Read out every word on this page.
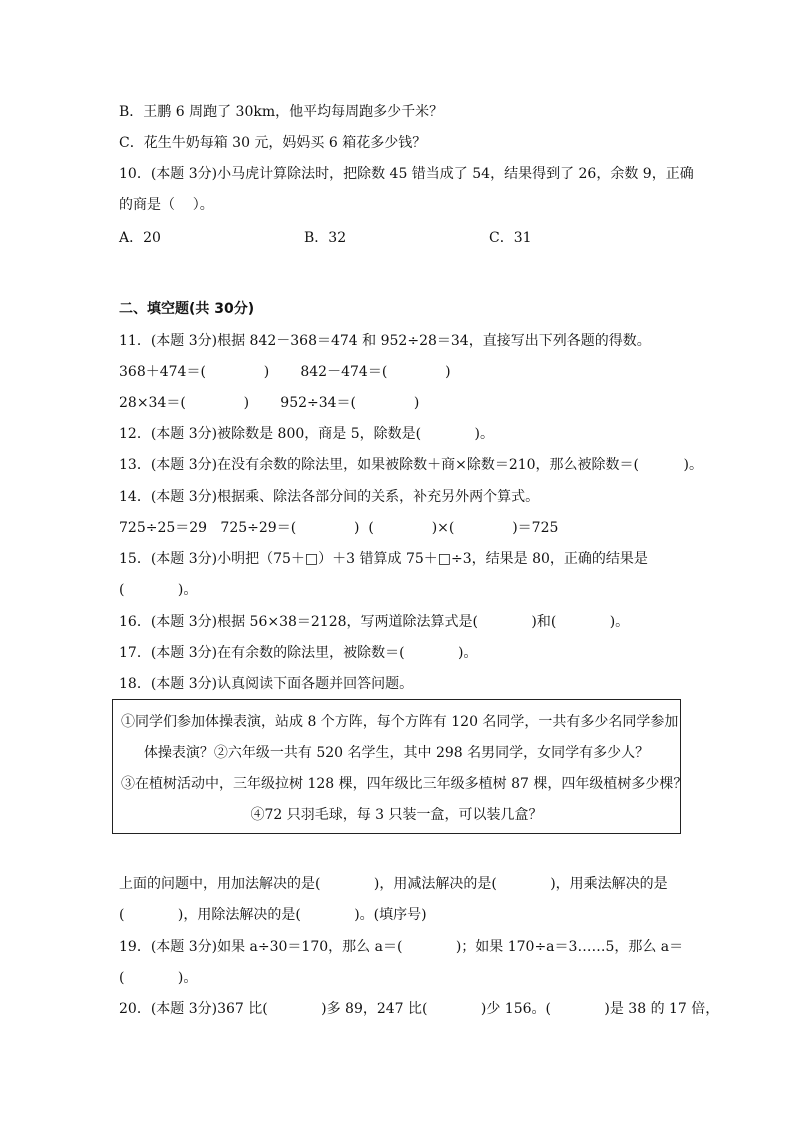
B．王鹏 6 周跑了 30km，他平均每周跑多少千米？
C．花生牛奶每箱 30 元，妈妈买 6 箱花多少钱？
10．(本题 3分)小马虎计算除法时，把除数 45 错当成了 54，结果得到了 26，余数 9，正确
的商是（    ）。
A．20	B．32	C．31
二、填空题(共 30分)
11．(本题 3分)根据 842－368＝474 和 952÷28＝34，直接写出下列各题的得数。
368＋474＝(             )       842－474＝(             )
28×34＝(             )       952÷34＝(             )
12．(本题 3分)被除数是 800，商是 5，除数是(            )。
13．(本题 3分)在没有余数的除法里，如果被除数＋商×除数＝210，那么被除数＝(          )。
14．(本题 3分)根据乘、除法各部分间的关系，补充另外两个算式。
725÷25＝29   725÷29＝(             )  (             )×(             )＝725
15．(本题 3分)小明把（75＋□）＋3 错算成 75＋□÷3，结果是 80，正确的结果是
(            )。
16．(本题 3分)根据 56×38＝2128，写两道除法算式是(            )和(            )。
17．(本题 3分)在有余数的除法里，被除数＝(            )。
18．(本题 3分)认真阅读下面各题并回答问题。
①同学们参加体操表演，站成 8 个方阵，每个方阵有 120 名同学，一共有多少名同学参加
体操表演？②六年级一共有 520 名学生，其中 298 名男同学，女同学有多少人？
③在植树活动中，三年级拉树 128 棵，四年级比三年级多植树 87 棵，四年级植树多少棵？
④72 只羽毛球，每 3 只装一盒，可以装几盒？
上面的问题中，用加法解决的是(            )，用减法解决的是(            )，用乘法解决的是
(            )，用除法解决的是(            )。(填序号)
19．(本题 3分)如果 a÷30＝170，那么 a＝(            )；如果 170÷a＝3……5，那么 a＝
(            )。
20．(本题 3分)367 比(            )多 89，247 比(            )少 156。(            )是 38 的 17 倍，
